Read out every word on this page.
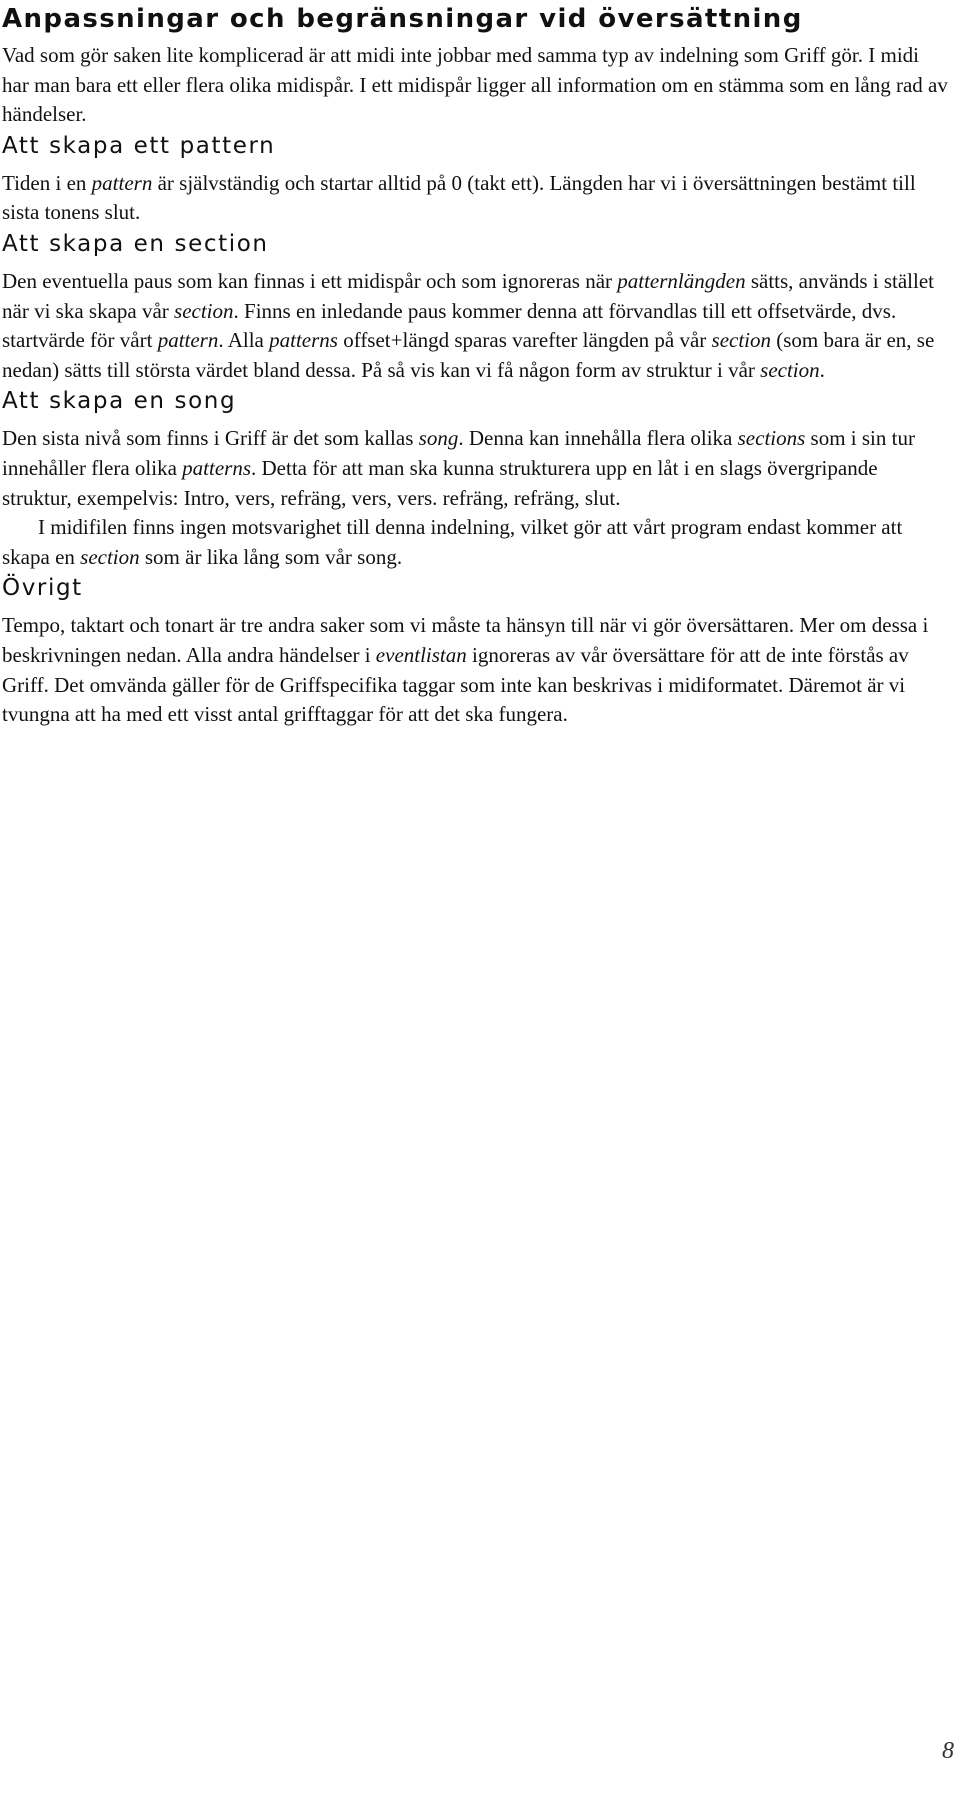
Anpassningar och begränsningar vid översättning

Vad som gör saken lite komplicerad är att midi inte jobbar med samma typ av indelning som Griff gör. I midi har man bara ett eller flera olika midispår. I ett midispår ligger all information om en stämma som en lång rad av händelser.

Att skapa ett pattern

Tiden i en pattern är självständig och startar alltid på 0 (takt ett). Längden har vi i översättningen bestämt till sista tonens slut.

Att skapa en section

Den eventuella paus som kan finnas i ett midispår och som ignoreras när patternlängden sätts, används i stället när vi ska skapa vår section. Finns en inledande paus kommer denna att förvandlas till ett offsetvärde, dvs. startvärde för vårt pattern. Alla patterns offset+längd sparas varefter längden på vår section (som bara är en, se nedan) sätts till största värdet bland dessa. På så vis kan vi få någon form av struktur i vår section.

Att skapa en song

Den sista nivå som finns i Griff är det som kallas song. Denna kan innehålla flera olika sections som i sin tur innehåller flera olika patterns. Detta för att man ska kunna strukturera upp en låt i en slags övergripande struktur, exempelvis: Intro, vers, refräng, vers, vers. refräng, refräng, slut.

I midifilen finns ingen motsvarighet till denna indelning, vilket gör att vårt program endast kommer att skapa en section som är lika lång som vår song.

Övrigt

Tempo, taktart och tonart är tre andra saker som vi måste ta hänsyn till när vi gör översättaren. Mer om dessa i beskrivningen nedan. Alla andra händelser i eventlistan ignoreras av vår översättare för att de inte förstås av Griff. Det omvända gäller för de Griffspecifika taggar som inte kan beskrivas i midiformatet. Däremot är vi tvungna att ha med ett visst antal grifftaggar för att det ska fungera.

8
